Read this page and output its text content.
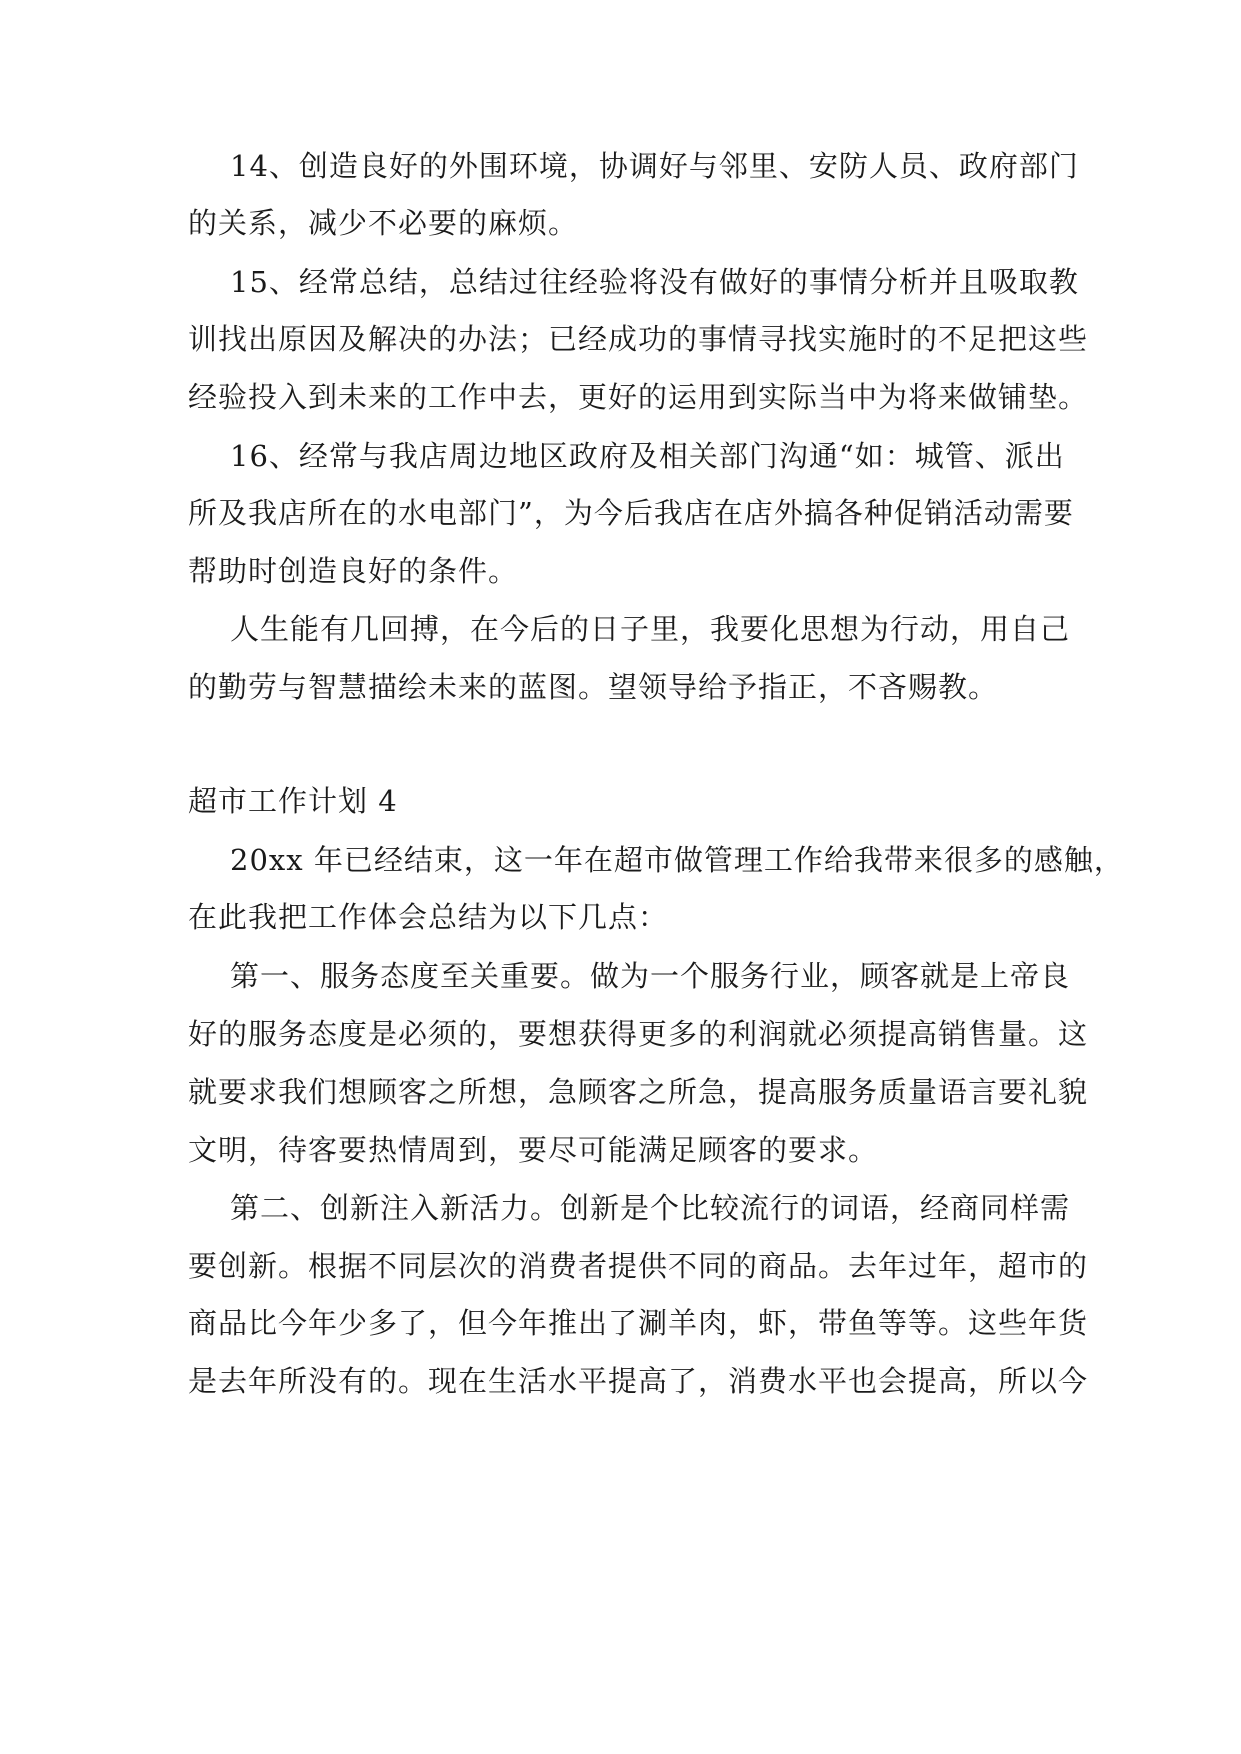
14、创造良好的外围环境，协调好与邻里、安防人员、政府部门
的关系，减少不必要的麻烦。
15、经常总结，总结过往经验将没有做好的事情分析并且吸取教
训找出原因及解决的办法；已经成功的事情寻找实施时的不足把这些
经验投入到未来的工作中去，更好的运用到实际当中为将来做铺垫。
16、经常与我店周边地区政府及相关部门沟通“如：城管、派出
所及我店所在的水电部门”，为今后我店在店外搞各种促销活动需要
帮助时创造良好的条件。
人生能有几回搏，在今后的日子里，我要化思想为行动，用自己
的勤劳与智慧描绘未来的蓝图。望领导给予指正，不吝赐教。
超市工作计划 4
20xx 年已经结束，这一年在超市做管理工作给我带来很多的感触，
在此我把工作体会总结为以下几点：
第一、服务态度至关重要。做为一个服务行业，顾客就是上帝良
好的服务态度是必须的，要想获得更多的利润就必须提高销售量。这
就要求我们想顾客之所想，急顾客之所急，提高服务质量语言要礼貌
文明，待客要热情周到，要尽可能满足顾客的要求。
第二、创新注入新活力。创新是个比较流行的词语，经商同样需
要创新。根据不同层次的消费者提供不同的商品。去年过年，超市的
商品比今年少多了，但今年推出了涮羊肉，虾，带鱼等等。这些年货
是去年所没有的。现在生活水平提高了，消费水平也会提高，所以今
